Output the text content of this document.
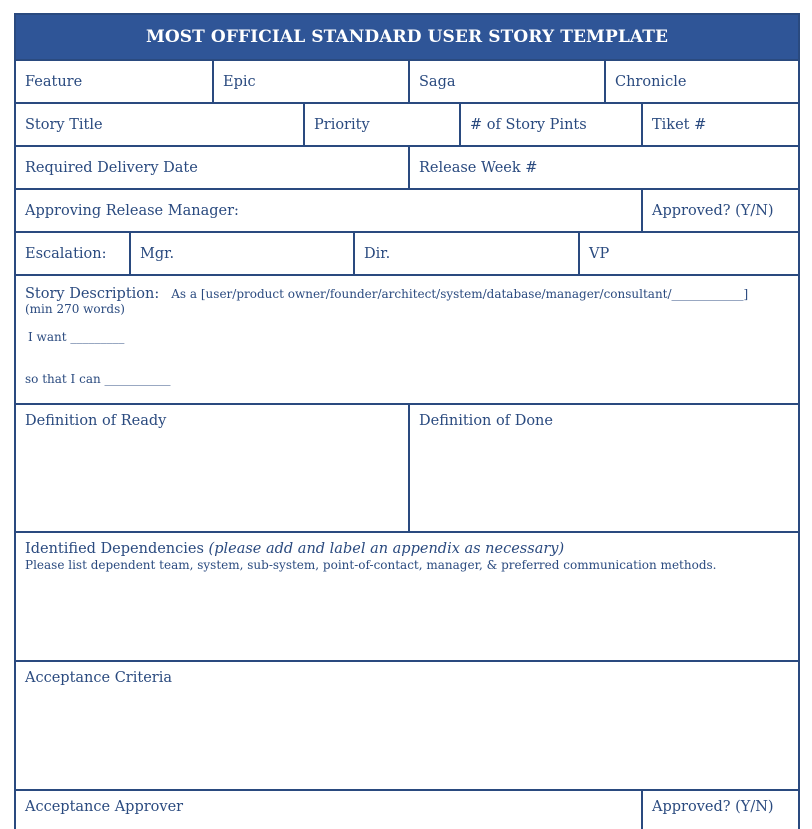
MOST OFFICIAL STANDARD USER STORY TEMPLATE
Feature	Epic	Saga	Chronicle
Story Title	Priority	# of Story Pints	Tiket #
Required Delivery Date	Release Week #
Approving Release Manager:	Approved? (Y/N)
Escalation:	Mgr.	Dir.	VP
Story Description: As a [user/product owner/founder/architect/system/database/manager/consultant/____________]
(min 270 words)
I want _________
so that I can ___________
Definition of Ready	Definition of Done
Identified Dependencies (please add and label an appendix as necessary)
Please list dependent team, system, sub-system, point-of-contact, manager, & preferred communication methods.
Acceptance Criteria
Acceptance Approver	Approved? (Y/N)
